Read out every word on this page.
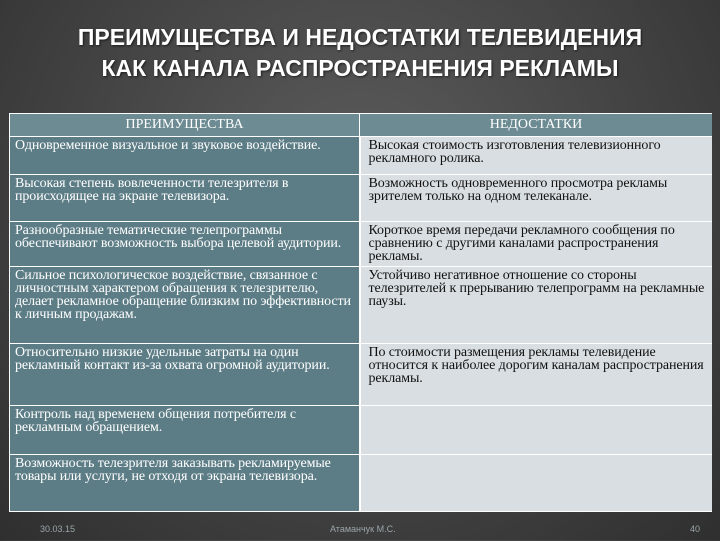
ПРЕИМУЩЕСТВА И НЕДОСТАТКИ ТЕЛЕВИДЕНИЯ КАК КАНАЛА РАСПРОСТРАНЕНИЯ РЕКЛАМЫ
ПРЕИМУЩЕСТВА	НЕДОСТАТКИ
Одновременное визуальное и звуковое воздействие.	Высокая стоимость изготовления телевизионного рекламного ролика.
Высокая степень вовлеченности телезрителя в происходящее на экране телевизора.	Возможность одновременного просмотра рекламы зрителем только на одном телеканале.
Разнообразные тематические телепрограммы обеспечивают возможность выбора целевой аудитории.	Короткое время передачи рекламного сообщения по сравнению с другими каналами распространения рекламы.
Сильное психологическое воздействие, связанное с личностным характером обращения к телезрителю, делает рекламное обращение близким по эффективности к личным продажам.	Устойчиво негативное отношение со стороны телезрителей к прерыванию телепрограмм на рекламные паузы.
Относительно низкие удельные затраты на один рекламный контакт из-за охвата огромной аудитории.	По стоимости размещения рекламы телевидение относится к наиболее дорогим каналам распространения рекламы.
Контроль над временем общения потребителя с рекламным обращением.	
Возможность телезрителя заказывать рекламируемые товары или услуги, не отходя от экрана телевизора.	
30.03.15	Атаманчук М.С.	40
